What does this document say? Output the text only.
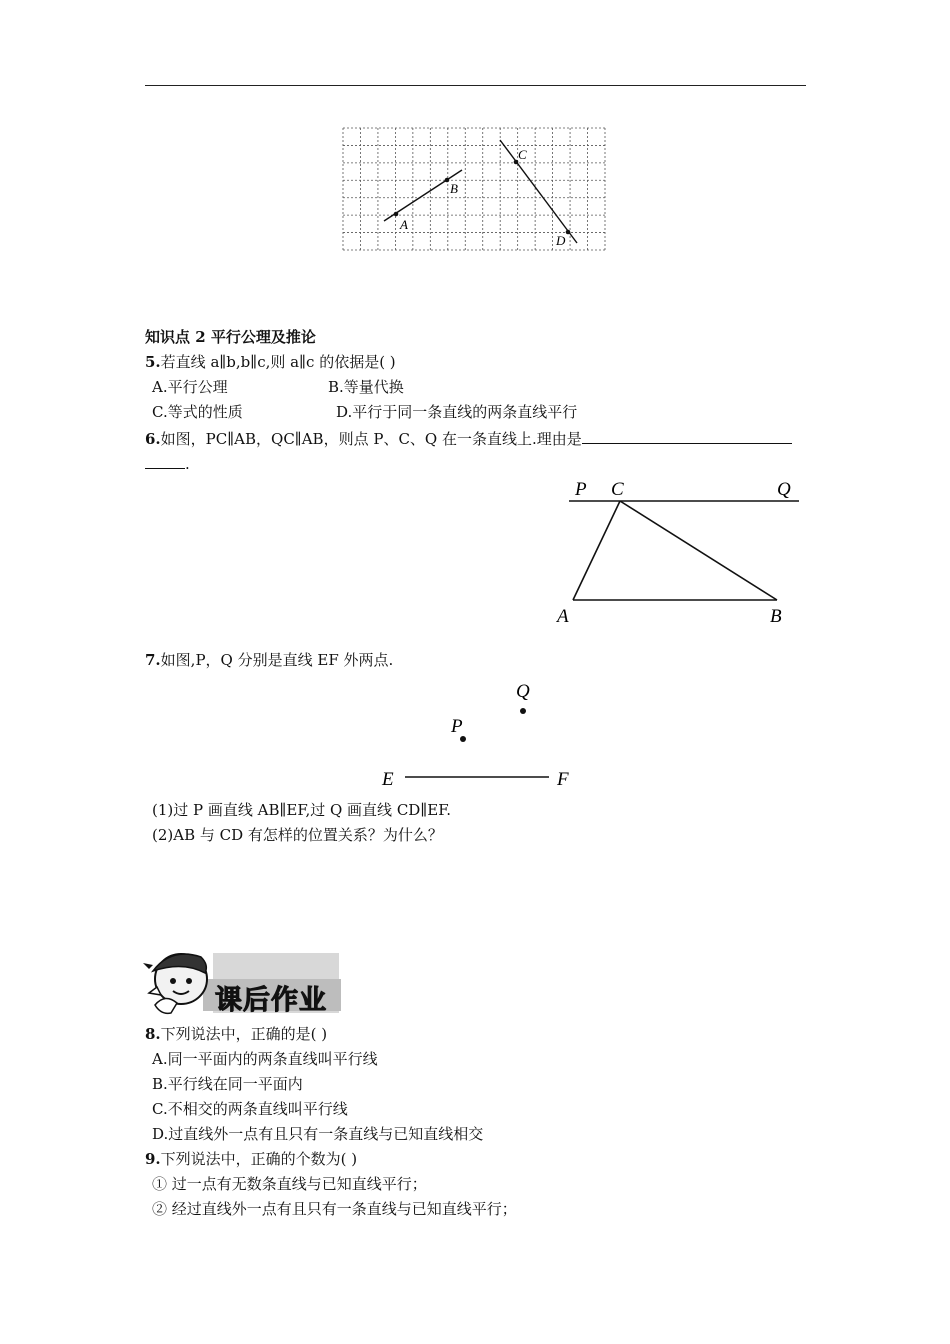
A
B
C
D
知识点 2 平行公理及推论
5.若直线 a∥b,b∥c,则 a∥c 的依据是( )
A.平行公理	B.等量代换
C.等式的性质	D.平行于同一条直线的两条直线平行
6.如图，PC∥AB，QC∥AB，则点 P、C、Q 在一条直线上.理由是
.
P C	Q
A	B
7.如图,P，Q 分别是直线 EF 外两点.
Q
P
E	F
(1)过 P 画直线 AB∥EF,过 Q 画直线 CD∥EF.
(2)AB 与 CD 有怎样的位置关系？为什么？
课后作业
8.下列说法中，正确的是( )
A.同一平面内的两条直线叫平行线
B.平行线在同一平面内
C.不相交的两条直线叫平行线
D.过直线外一点有且只有一条直线与已知直线相交
9.下列说法中，正确的个数为( )
① 过一点有无数条直线与已知直线平行；
② 经过直线外一点有且只有一条直线与已知直线平行；
